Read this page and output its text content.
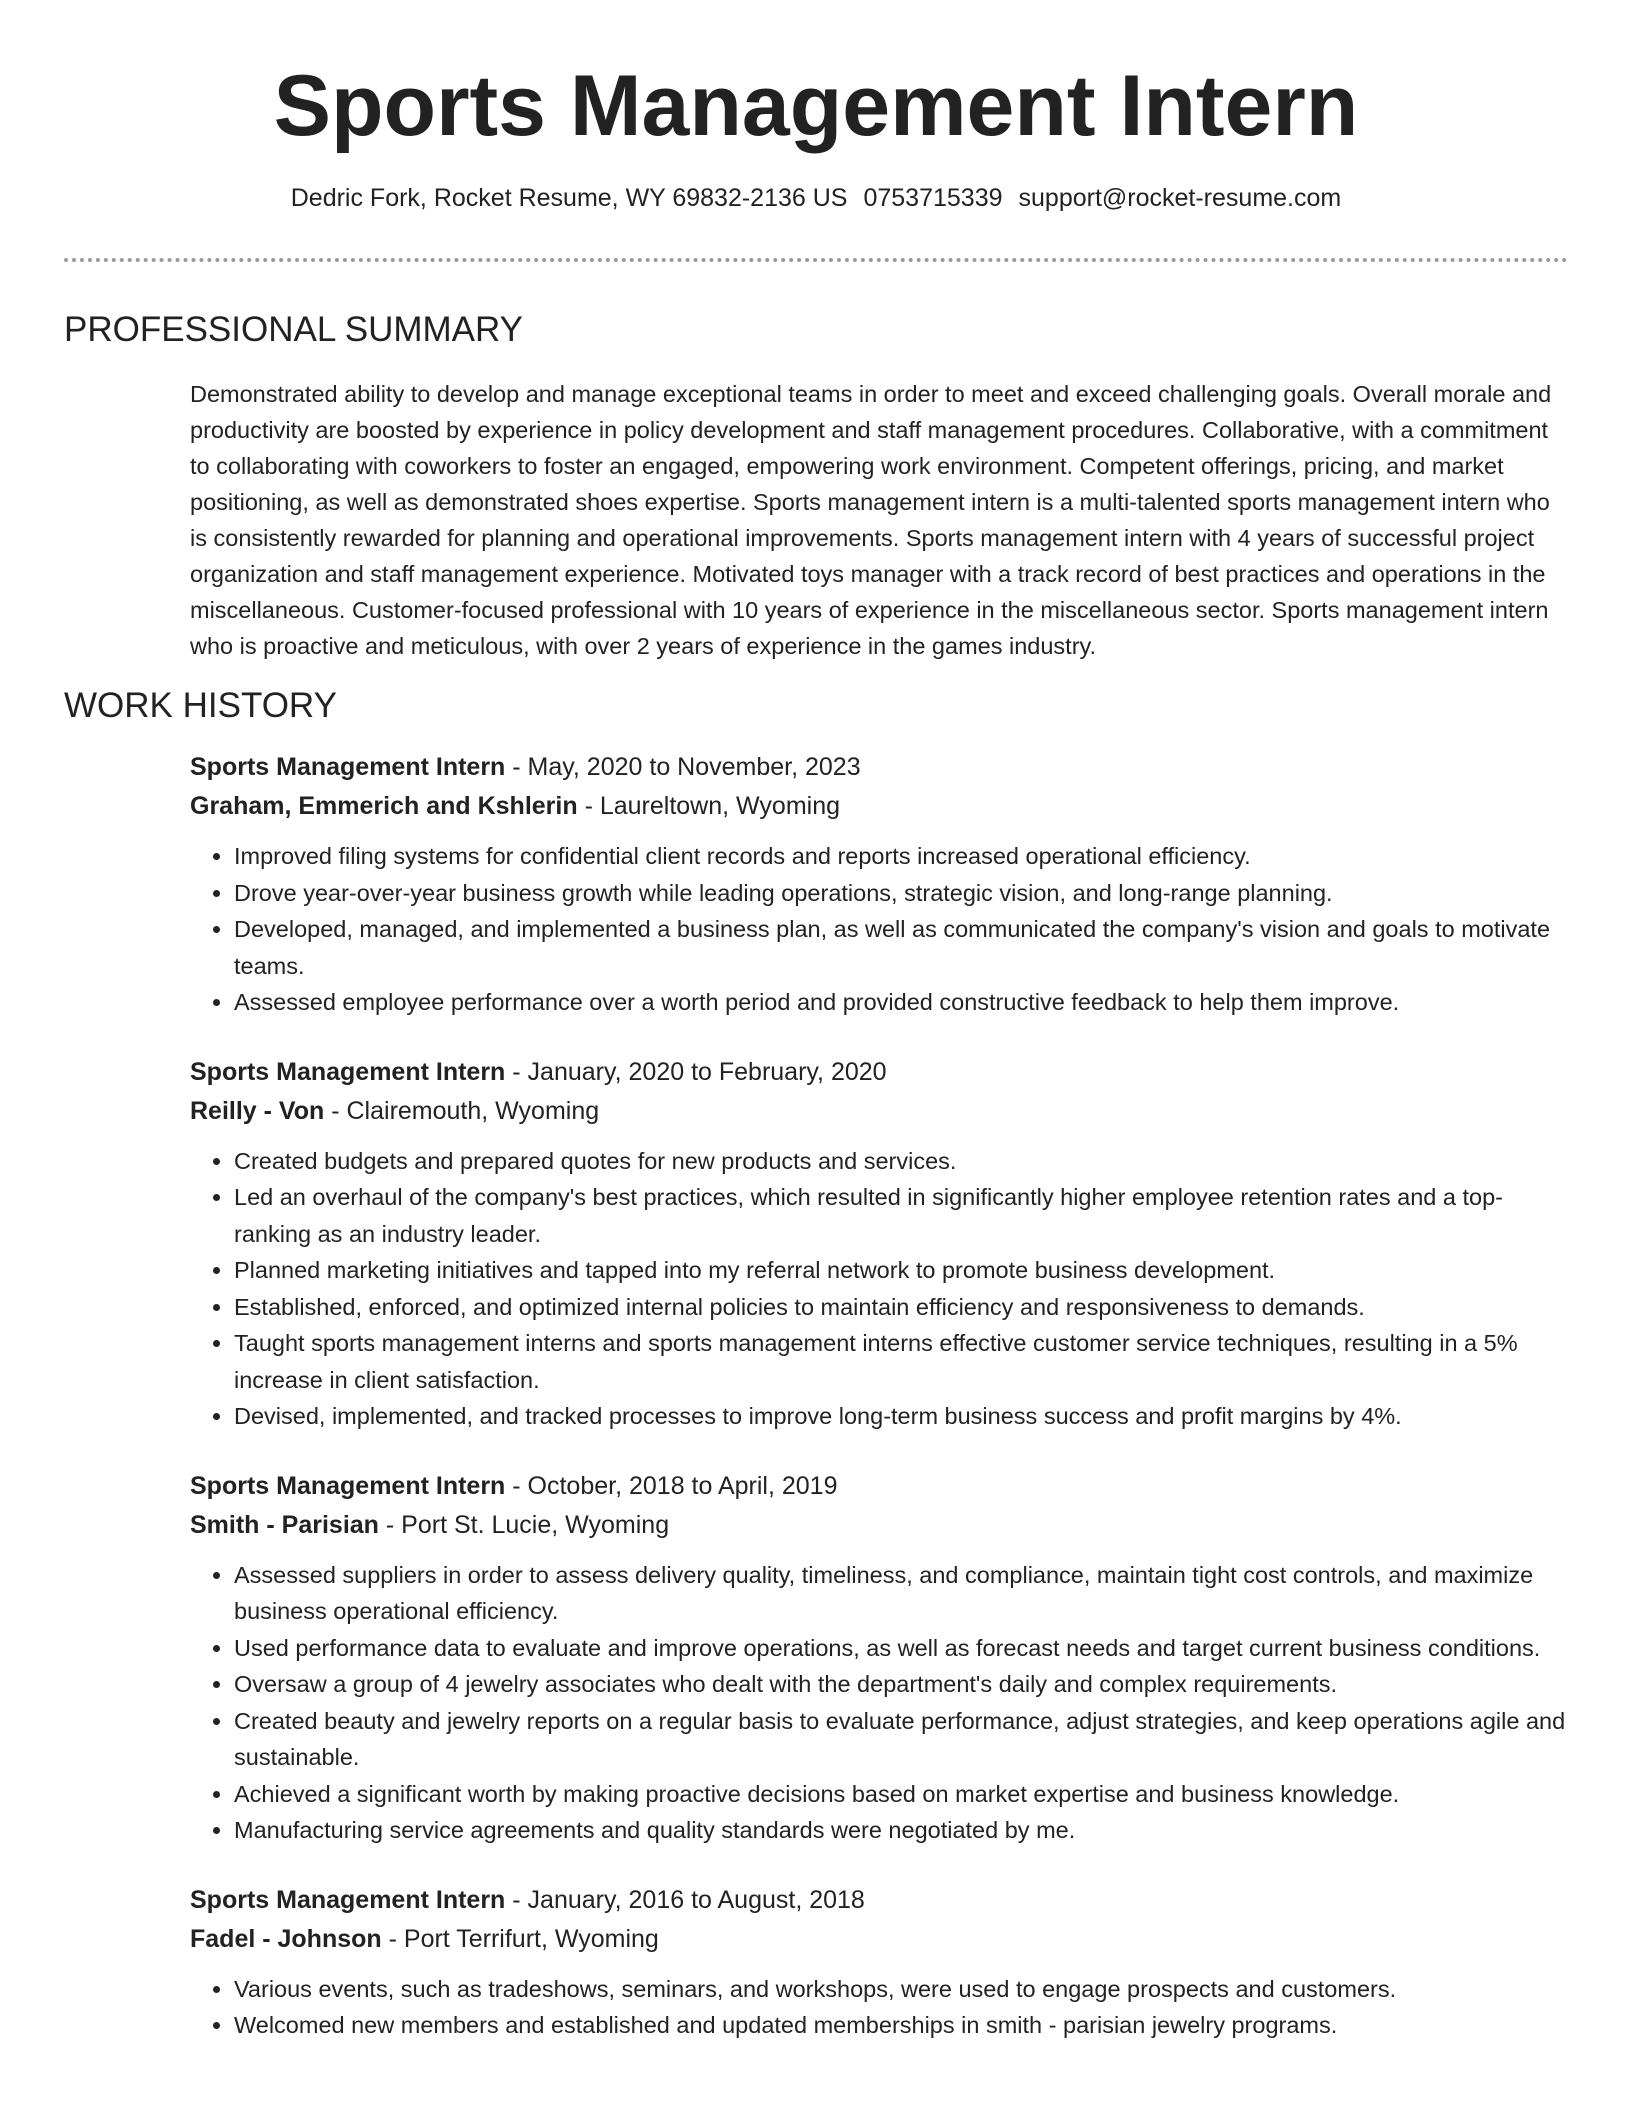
Sports Management Intern
Dedric Fork, Rocket Resume, WY 69832-2136 US 0753715339 support@rocket-resume.com
PROFESSIONAL SUMMARY

Demonstrated ability to develop and manage exceptional teams in order to meet and exceed challenging goals. Overall morale and productivity are boosted by experience in policy development and staff management procedures. Collaborative, with a commitment to collaborating with coworkers to foster an engaged, empowering work environment. Competent offerings, pricing, and market positioning, as well as demonstrated shoes expertise. Sports management intern is a multi-talented sports management intern who is consistently rewarded for planning and operational improvements. Sports management intern with 4 years of successful project organization and staff management experience. Motivated toys manager with a track record of best practices and operations in the miscellaneous. Customer-focused professional with 10 years of experience in the miscellaneous sector. Sports management intern who is proactive and meticulous, with over 2 years of experience in the games industry.

WORK HISTORY
Sports Management Intern - May, 2020 to November, 2023
Graham, Emmerich and Kshlerin - Laureltown, Wyoming
• Improved filing systems for confidential client records and reports increased operational efficiency.
• Drove year-over-year business growth while leading operations, strategic vision, and long-range planning.
• Developed, managed, and implemented a business plan, as well as communicated the company's vision and goals to motivate teams.
• Assessed employee performance over a worth period and provided constructive feedback to help them improve.
Sports Management Intern - January, 2020 to February, 2020
Reilly - Von - Clairemouth, Wyoming
• Created budgets and prepared quotes for new products and services.
• Led an overhaul of the company's best practices, which resulted in significantly higher employee retention rates and a top-ranking as an industry leader.
• Planned marketing initiatives and tapped into my referral network to promote business development.
• Established, enforced, and optimized internal policies to maintain efficiency and responsiveness to demands.
• Taught sports management interns and sports management interns effective customer service techniques, resulting in a 5% increase in client satisfaction.
• Devised, implemented, and tracked processes to improve long-term business success and profit margins by 4%.
Sports Management Intern - October, 2018 to April, 2019
Smith - Parisian - Port St. Lucie, Wyoming
• Assessed suppliers in order to assess delivery quality, timeliness, and compliance, maintain tight cost controls, and maximize business operational efficiency.
• Used performance data to evaluate and improve operations, as well as forecast needs and target current business conditions.
• Oversaw a group of 4 jewelry associates who dealt with the department's daily and complex requirements.
• Created beauty and jewelry reports on a regular basis to evaluate performance, adjust strategies, and keep operations agile and sustainable.
• Achieved a significant worth by making proactive decisions based on market expertise and business knowledge.
• Manufacturing service agreements and quality standards were negotiated by me.
Sports Management Intern - January, 2016 to August, 2018
Fadel - Johnson - Port Terrifurt, Wyoming
• Various events, such as tradeshows, seminars, and workshops, were used to engage prospects and customers.
• Welcomed new members and established and updated memberships in smith - parisian jewelry programs.
